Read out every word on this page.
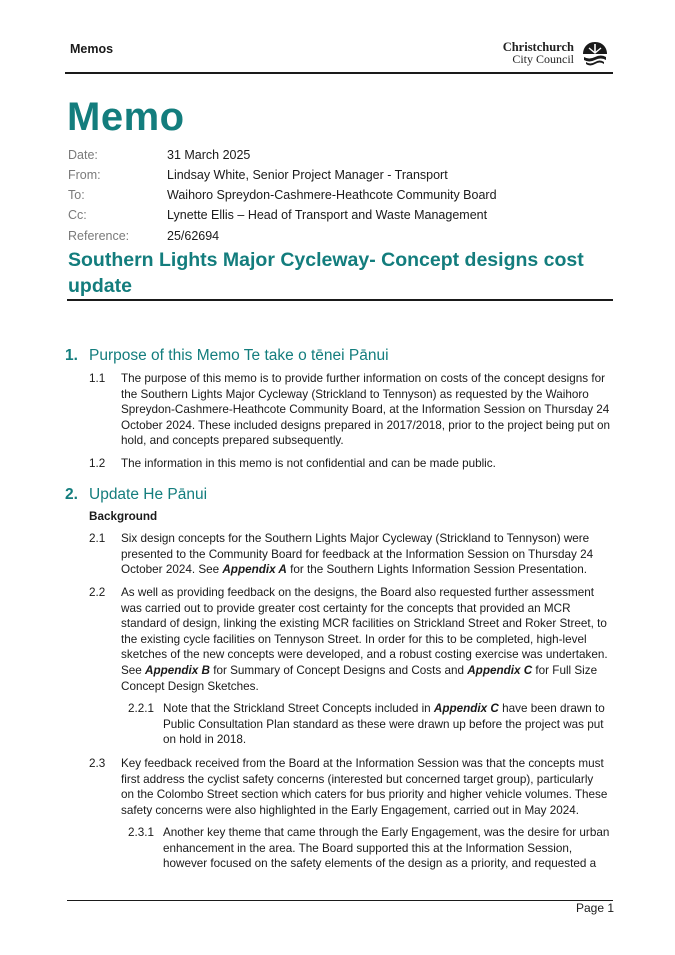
Memos	Christchurch
City Council
Memo
Date:	31 March 2025
From:	Lindsay White, Senior Project Manager - Transport
To:	Waihoro Spreydon-Cashmere-Heathcote Community Board
Cc:	Lynette Ellis – Head of Transport and Waste Management
Reference:	25/62694
Southern Lights Major Cycleway- Concept designs cost
update
1. Purpose of this Memo Te take o tēnei Pānui
1.1 The purpose of this memo is to provide further information on costs of the concept designs for
the Southern Lights Major Cycleway (Strickland to Tennyson) as requested by the Waihoro
Spreydon-Cashmere-Heathcote Community Board, at the Information Session on Thursday 24
October 2024. These included designs prepared in 2017/2018, prior to the project being put on
hold, and concepts prepared subsequently.
1.2 The information in this memo is not confidential and can be made public.
2. Update He Pānui
Background
2.1 Six design concepts for the Southern Lights Major Cycleway (Strickland to Tennyson) were
presented to the Community Board for feedback at the Information Session on Thursday 24
October 2024. See Appendix A for the Southern Lights Information Session Presentation.
2.2 As well as providing feedback on the designs, the Board also requested further assessment
was carried out to provide greater cost certainty for the concepts that provided an MCR
standard of design, linking the existing MCR facilities on Strickland Street and Roker Street, to
the existing cycle facilities on Tennyson Street. In order for this to be completed, high-level
sketches of the new concepts were developed, and a robust costing exercise was undertaken.
See Appendix B for Summary of Concept Designs and Costs and Appendix C for Full Size
Concept Design Sketches.
2.2.1 Note that the Strickland Street Concepts included in Appendix C have been drawn to
Public Consultation Plan standard as these were drawn up before the project was put
on hold in 2018.
2.3 Key feedback received from the Board at the Information Session was that the concepts must
first address the cyclist safety concerns (interested but concerned target group), particularly
on the Colombo Street section which caters for bus priority and higher vehicle volumes. These
safety concerns were also highlighted in the Early Engagement, carried out in May 2024.
2.3.1 Another key theme that came through the Early Engagement, was the desire for urban
enhancement in the area. The Board supported this at the Information Session,
however focused on the safety elements of the design as a priority, and requested a
Page 1
